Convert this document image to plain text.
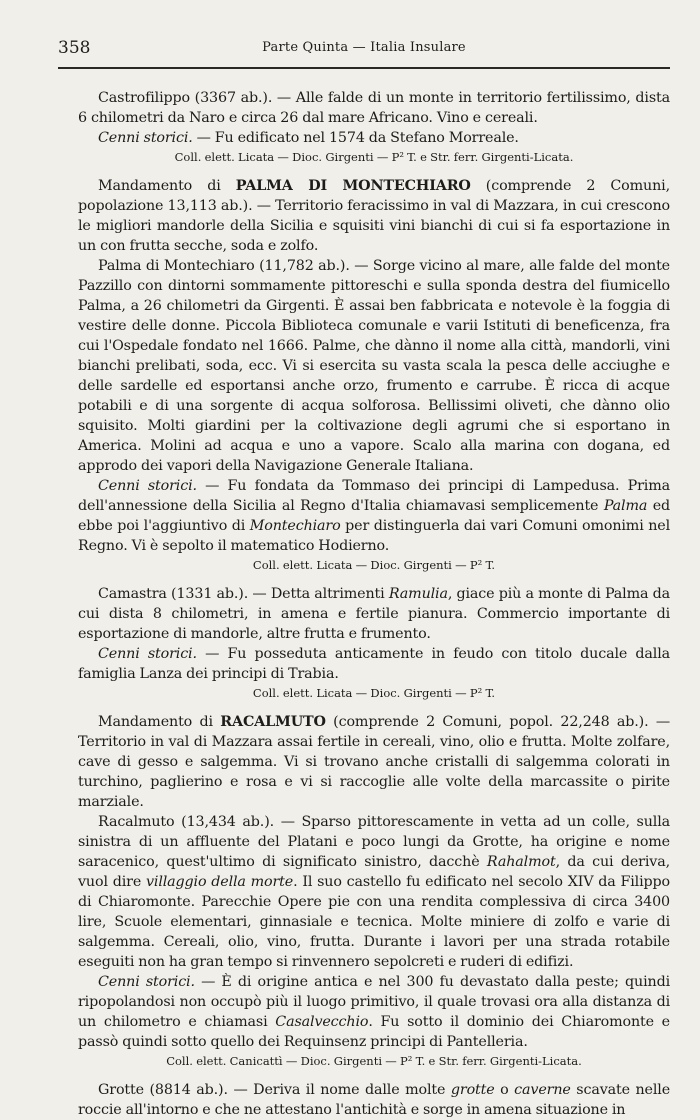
358	Parte Quinta — Italia Insulare

Castrofilippo (3367 ab.). — Alle falde di un monte in territorio fertilissimo, dista 6 chilometri da Naro e circa 26 dal mare Africano. Vino e cereali.

Cenni storici. — Fu edificato nel 1574 da Stefano Morreale.

Coll. elett. Licata — Dioc. Girgenti — P² T. e Str. ferr. Girgenti-Licata.

Mandamento di PALMA DI MONTECHIARO (comprende 2 Comuni, popolazione 13,113 ab.). — Territorio feracissimo in val di Mazzara, in cui crescono le migliori mandorle della Sicilia e squisiti vini bianchi di cui si fa esportazione in un con frutta secche, soda e zolfo.

Palma di Montechiaro (11,782 ab.). — Sorge vicino al mare, alle falde del monte Pazzillo con dintorni sommamente pittoreschi e sulla sponda destra del fiumicello Palma, a 26 chilometri da Girgenti. È assai ben fabbricata e notevole è la foggia di vestire delle donne. Piccola Biblioteca comunale e varii Istituti di beneficenza, fra cui l'Ospedale fondato nel 1666. Palme, che dànno il nome alla città, mandorli, vini bianchi prelibati, soda, ecc. Vi si esercita su vasta scala la pesca delle acciughe e delle sardelle ed esportansi anche orzo, frumento e carrube. È ricca di acque potabili e di una sorgente di acqua solforosa. Bellissimi oliveti, che dànno olio squisito. Molti giardini per la coltivazione degli agrumi che si esportano in America. Molini ad acqua e uno a vapore. Scalo alla marina con dogana, ed approdo dei vapori della Navigazione Generale Italiana.

Cenni storici. — Fu fondata da Tommaso dei principi di Lampedusa. Prima dell'annessione della Sicilia al Regno d'Italia chiamavasi semplicemente Palma ed ebbe poi l'aggiuntivo di Montechiaro per distinguerla dai vari Comuni omonimi nel Regno. Vi è sepolto il matematico Hodierno.

Coll. elett. Licata — Dioc. Girgenti — P² T.

Camastra (1331 ab.). — Detta altrimenti Ramulia, giace più a monte di Palma da cui dista 8 chilometri, in amena e fertile pianura. Commercio importante di esportazione di mandorle, altre frutta e frumento.

Cenni storici. — Fu posseduta anticamente in feudo con titolo ducale dalla famiglia Lanza dei principi di Trabia.

Coll. elett. Licata — Dioc. Girgenti — P² T.

Mandamento di RACALMUTO (comprende 2 Comuni, popol. 22,248 ab.). — Territorio in val di Mazzara assai fertile in cereali, vino, olio e frutta. Molte zolfare, cave di gesso e salgemma. Vi si trovano anche cristalli di salgemma colorati in turchino, paglierino e rosa e vi si raccoglie alle volte della marcassite o pirite marziale.

Racalmuto (13,434 ab.). — Sparso pittorescamente in vetta ad un colle, sulla sinistra di un affluente del Platani e poco lungi da Grotte, ha origine e nome saracenico, quest'ultimo di significato sinistro, dacchè Rahalmot, da cui deriva, vuol dire villaggio della morte. Il suo castello fu edificato nel secolo XIV da Filippo di Chiaromonte. Parecchie Opere pie con una rendita complessiva di circa 3400 lire, Scuole elementari, ginnasiale e tecnica. Molte miniere di zolfo e varie di salgemma. Cereali, olio, vino, frutta. Durante i lavori per una strada rotabile eseguiti non ha gran tempo si rinvennero sepolcreti e ruderi di edifizi.

Cenni storici. — È di origine antica e nel 300 fu devastato dalla peste; quindi ripopolandosi non occupò più il luogo primitivo, il quale trovasi ora alla distanza di un chilometro e chiamasi Casalvecchio. Fu sotto il dominio dei Chiaromonte e passò quindi sotto quello dei Requinsenz principi di Pantelleria.

Coll. elett. Canicattì — Dioc. Girgenti — P² T. e Str. ferr. Girgenti-Licata.

Grotte (8814 ab.). — Deriva il nome dalle molte grotte o caverne scavate nelle roccie all'intorno e che ne attestano l'antichità e sorge in amena situazione in
